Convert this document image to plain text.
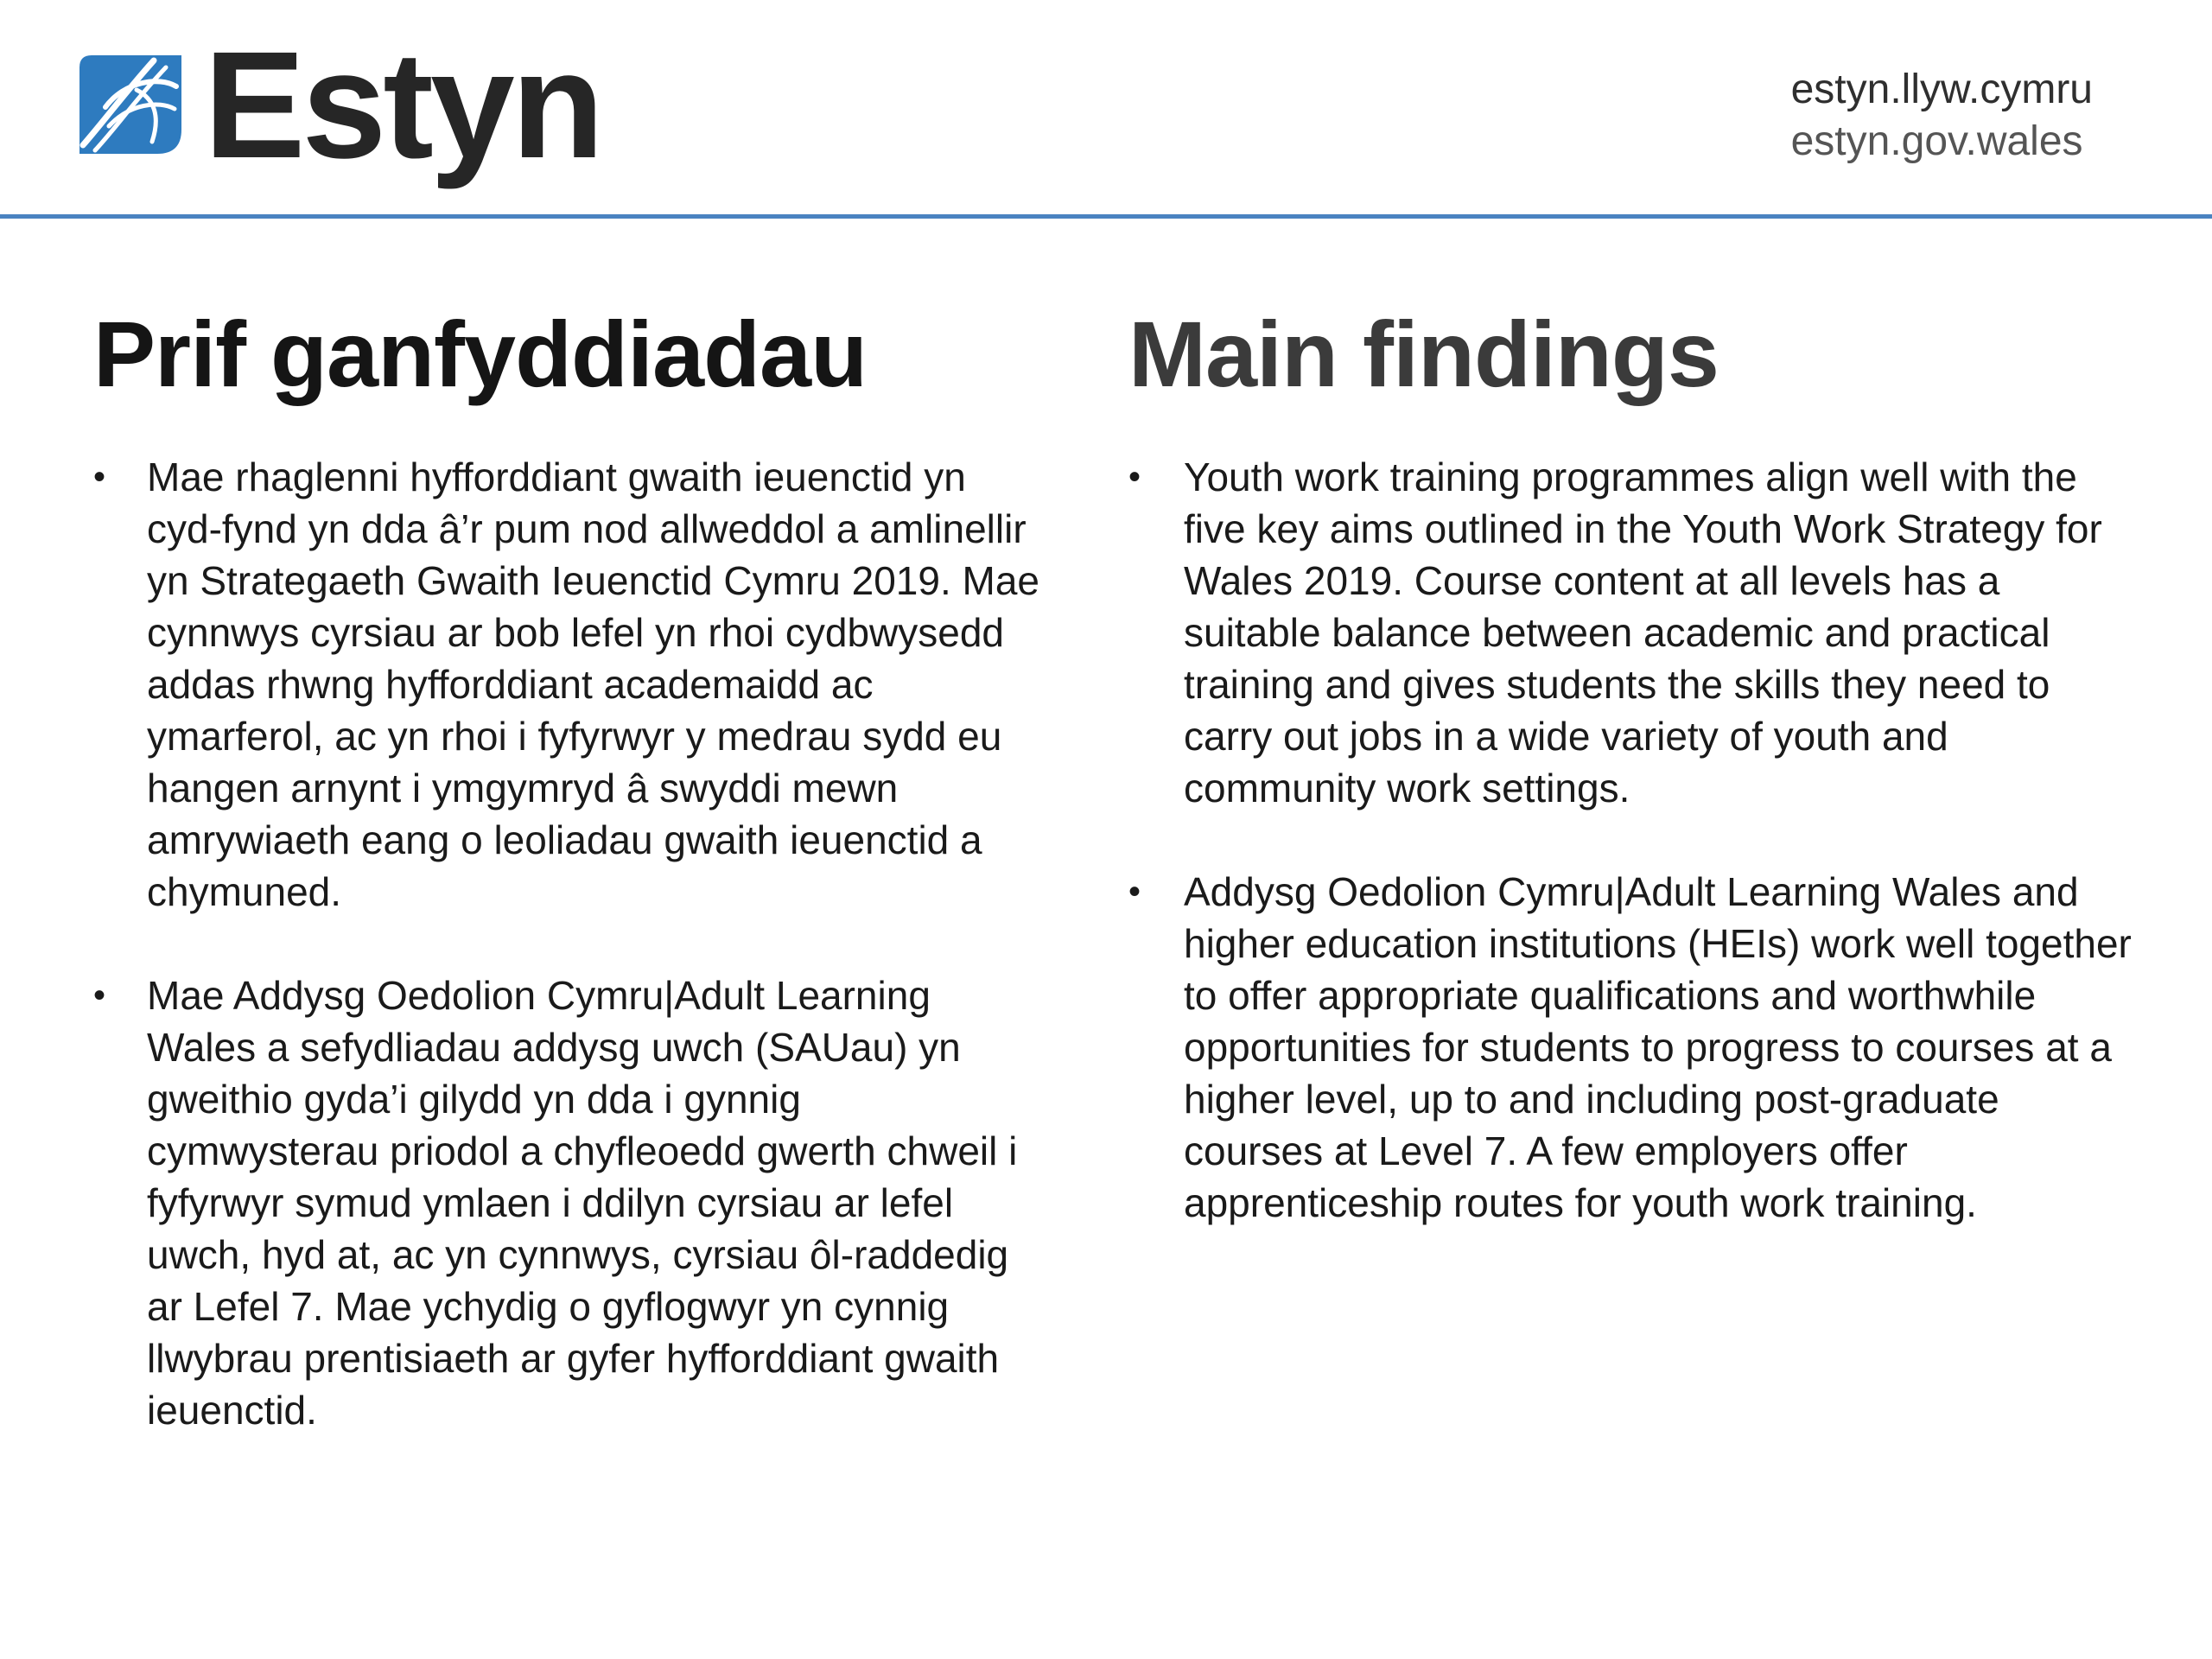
Estyn	estyn.llyw.cymru
estyn.gov.wales
Prif ganfyddiadau
• Mae rhaglenni hyfforddiant gwaith ieuenctid yn cyd-fynd yn dda â’r pum nod allweddol a amlinellir yn Strategaeth Gwaith Ieuenctid Cymru 2019. Mae cynnwys cyrsiau ar bob lefel yn rhoi cydbwysedd addas rhwng hyfforddiant academaidd ac ymarferol, ac yn rhoi i fyfyrwyr y medrau sydd eu hangen arnynt i ymgymryd â swyddi mewn amrywiaeth eang o leoliadau gwaith ieuenctid a chymuned.
• Mae Addysg Oedolion Cymru|Adult Learning Wales a sefydliadau addysg uwch (SAUau) yn gweithio gyda’i gilydd yn dda i gynnig cymwysterau priodol a chyfleoedd gwerth chweil i fyfyrwyr symud ymlaen i ddilyn cyrsiau ar lefel uwch, hyd at, ac yn cynnwys, cyrsiau ôl-raddedig ar Lefel 7. Mae ychydig o gyflogwyr yn cynnig llwybrau prentisiaeth ar gyfer hyfforddiant gwaith ieuenctid.
Main findings
• Youth work training programmes align well with the five key aims outlined in the Youth Work Strategy for Wales 2019. Course content at all levels has a suitable balance between academic and practical training and gives students the skills they need to carry out jobs in a wide variety of youth and community work settings.
• Addysg Oedolion Cymru|Adult Learning Wales and higher education institutions (HEIs) work well together to offer appropriate qualifications and worthwhile opportunities for students to progress to courses at a higher level, up to and including post-graduate courses at Level 7. A few employers offer apprenticeship routes for youth work training.
